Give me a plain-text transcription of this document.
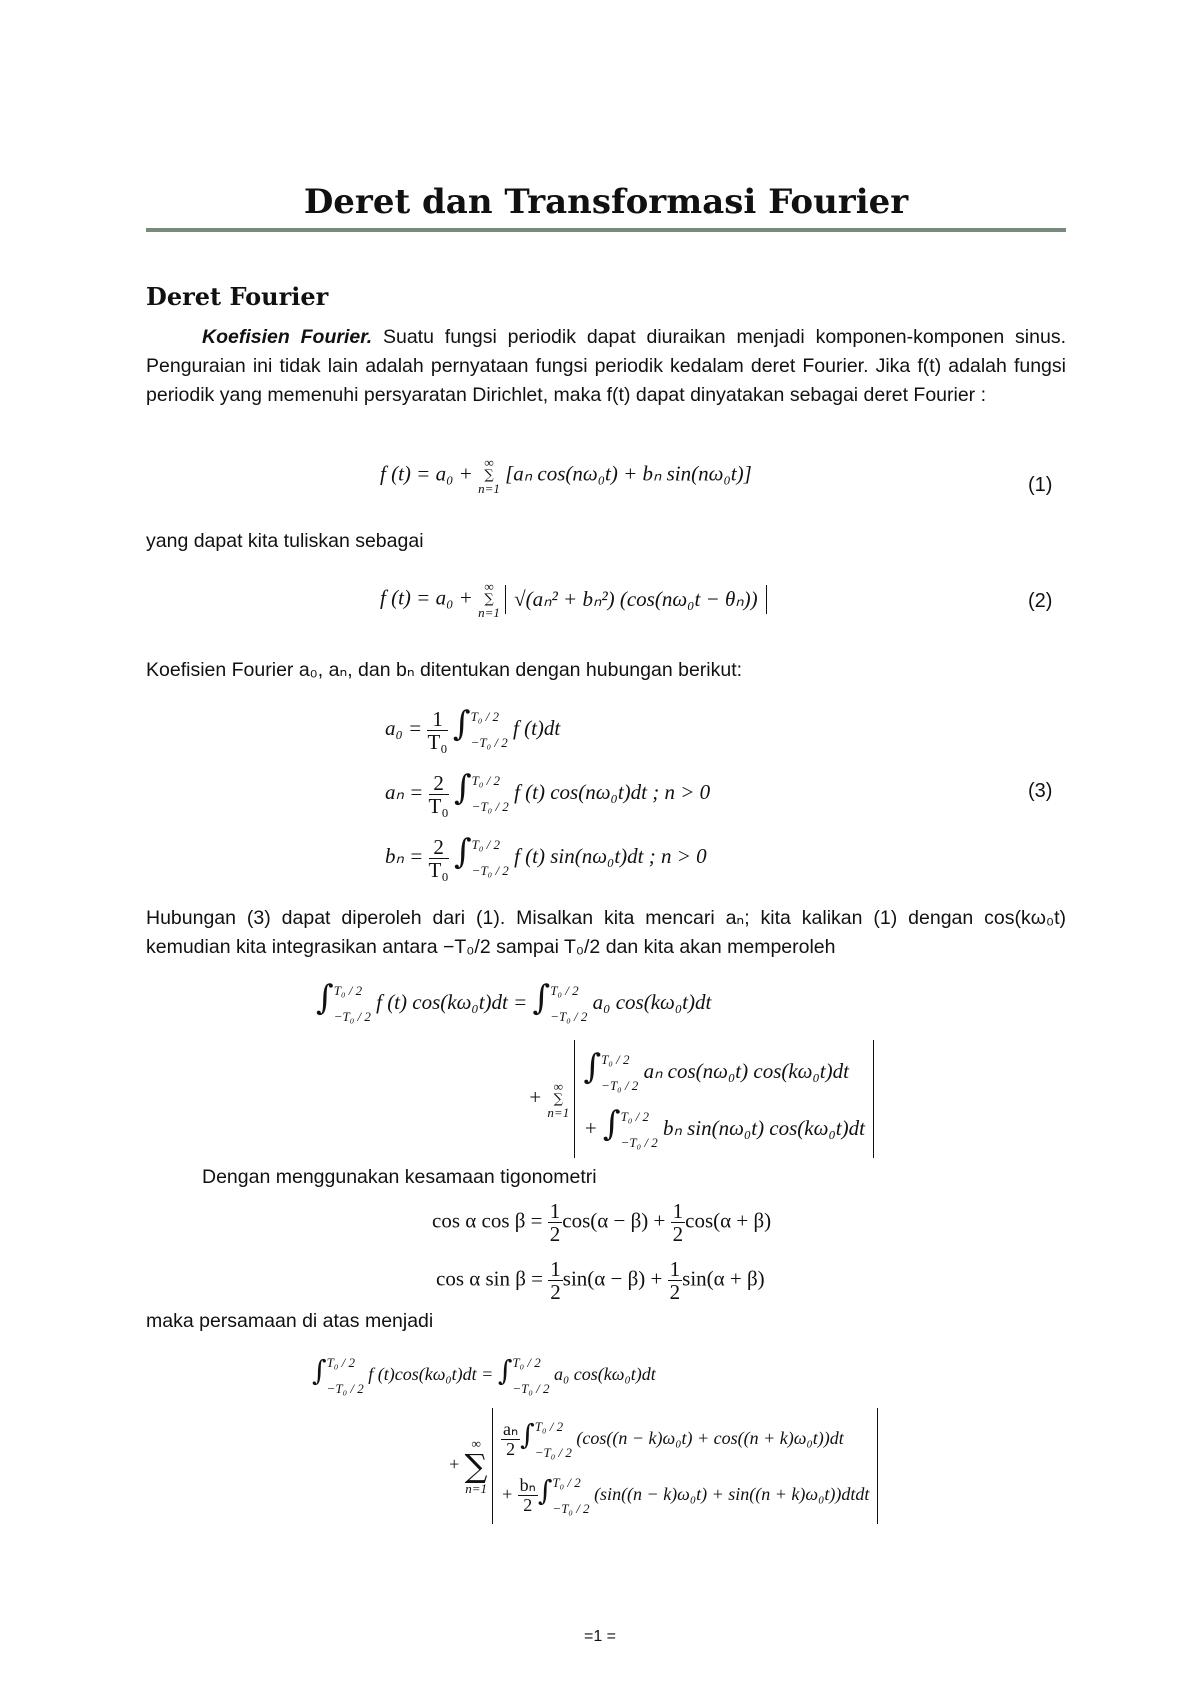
Deret dan Transformasi Fourier
Deret Fourier

Koefisien Fourier. Suatu fungsi periodik dapat diuraikan menjadi komponen-komponen sinus. Penguraian ini tidak lain adalah pernyataan fungsi periodik kedalam deret Fourier. Jika f(t) adalah fungsi periodik yang memenuhi persyaratan Dirichlet, maka f(t) dapat dinyatakan sebagai deret Fourier :

f (t) = a₀ + ∞
∑
n=1
[aₙ cos(nω₀t) + bₙ sin(nω₀t)]	(1)
yang dapat kita tuliskan sebagai
f (t) = a₀ + ∞
∑
n=1
√(aₙ² + bₙ²) (cos(nω₀t − θₙ))	(2)
Koefisien Fourier a₀, aₙ, dan bₙ ditentukan dengan hubungan berikut:
$a_0 = \frac{1}{\text{T₀}}$ ∫ T₀ / 2
−T₀ / 2
f (t)dt
$a_n = \frac{2}{\text{T₀}}$ ∫ T₀ / 2
−T₀ / 2
f (t) cos(nω₀t)dt ; n > 0	(3)
$b_n = \frac{2}{\text{T₀}}$ ∫ T₀ / 2
−T₀ / 2
f (t) sin(nω₀t)dt ; n > 0
Hubungan (3) dapat diperoleh dari (1). Misalkan kita mencari aₙ; kita kalikan (1) dengan cos(kω₀t) kemudian kita integrasikan antara −T₀/2 sampai T₀/2 dan kita akan memperoleh
∫ T₀ / 2
−T₀ / 2
f (t) cos(kω₀t)dt = ∫ T₀ / 2
−T₀ / 2
a₀ cos(kω₀t)dt
+ ∞
∑
n=1

∫ T₀ / 2
−T₀ / 2
aₙ cos(nω₀t) cos(kω₀t)dt
+ ∫ T₀ / 2
−T₀ / 2
bₙ sin(nω₀t) cos(kω₀t)dt
Dengan menggunakan kesamaan tigonometri
cos α $\cos \beta = \frac{1}{2} \cos(\alpha - \beta) + \frac{1}{2} \cos(\alpha + \beta)$
cos α $\sin \beta = \frac{1}{2} \sin(\alpha - \beta) + \frac{1}{2} \sin(\alpha + \beta)$
maka persamaan di atas menjadi
∫ T₀ / 2
−T₀ / 2
f (t)cos(kω₀t)dt = ∫ T₀ / 2
−T₀ / 2
a₀ cos(kω₀t)dt
+
∞
∑
n=1

$\frac{\text{aₙ}}{2}$ ∫ T₀ / 2
−T₀ / 2
(cos((n − k)ω₀t) + cos((n + k)ω₀t))dt
+ $\frac{\text{bₙ}}{2}$ ∫ T₀ / 2
−T₀ / 2
(sin((n − k)ω₀t) + sin((n + k)ω₀t))dtdt
=1 =
